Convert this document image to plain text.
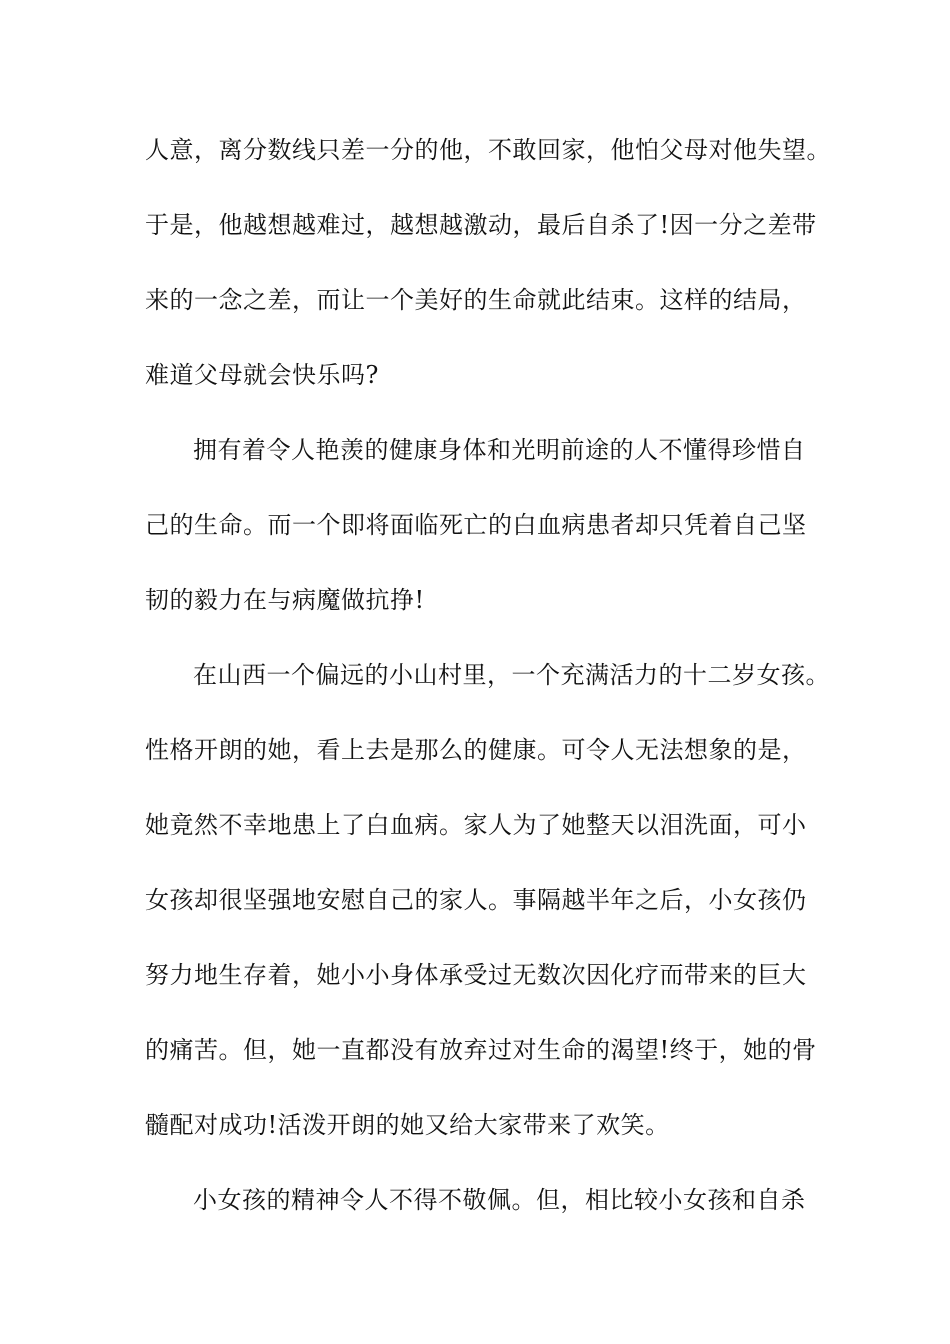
人意，离分数线只差一分的他，不敢回家，他怕父母对他失望。
于是，他越想越难过，越想越激动，最后自杀了!因一分之差带
来的一念之差，而让一个美好的生命就此结束。这样的结局，
难道父母就会快乐吗?
拥有着令人艳羡的健康身体和光明前途的人不懂得珍惜自
己的生命。而一个即将面临死亡的白血病患者却只凭着自己坚
韧的毅力在与病魔做抗挣!
在山西一个偏远的小山村里，一个充满活力的十二岁女孩。
性格开朗的她，看上去是那么的健康。可令人无法想象的是，
她竟然不幸地患上了白血病。家人为了她整天以泪洗面，可小
女孩却很坚强地安慰自己的家人。事隔越半年之后，小女孩仍
努力地生存着，她小小身体承受过无数次因化疗而带来的巨大
的痛苦。但，她一直都没有放弃过对生命的渴望!终于，她的骨
髓配对成功!活泼开朗的她又给大家带来了欢笑。
小女孩的精神令人不得不敬佩。但，相比较小女孩和自杀
